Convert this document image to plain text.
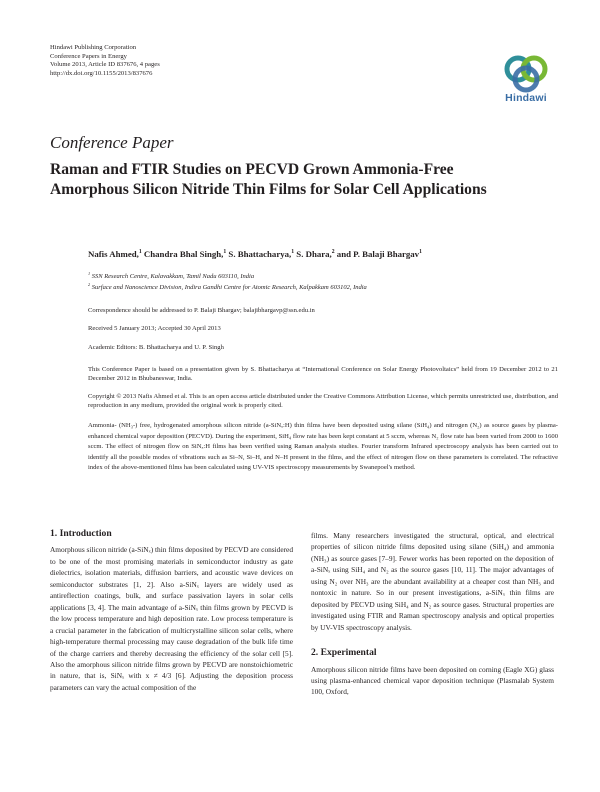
Hindawi Publishing Corporation
Conference Papers in Energy
Volume 2013, Article ID 837676, 4 pages
http://dx.doi.org/10.1155/2013/837676
Hindawi
Conference Paper
Raman and FTIR Studies on PECVD Grown Ammonia-Free Amorphous Silicon Nitride Thin Films for Solar Cell Applications
Nafis Ahmed,$^1$ Chandra Bhal Singh,$^1$ S. Bhattacharya,$^1$ S. Dhara,$^2$ and P. Balaji Bhargav$^1$
$^1$ SSN Research Centre, Kalavakkam, Tamil Nadu 603110, India
$^2$ Surface and Nanoscience Division, Indira Gandhi Centre for Atomic Research, Kalpakkam 603102, India
Correspondence should be addressed to P. Balaji Bhargav; balajibhargavp@ssn.edu.in
Received 5 January 2013; Accepted 30 April 2013
Academic Editors: B. Bhattacharya and U. P. Singh
This Conference Paper is based on a presentation given by S. Bhattacharya at “International Conference on Solar Energy Photovoltaics” held from 19 December 2012 to 21 December 2012 in Bhubaneswar, India.
Copyright © 2013 Nafis Ahmed et al. This is an open access article distributed under the Creative Commons Attribution License, which permits unrestricted use, distribution, and reproduction in any medium, provided the original work is properly cited.
Ammonia- (NH₃-) free, hydrogenated amorphous silicon nitride (a-SiNₓ:H) thin films have been deposited using silane (SiH₄) and nitrogen (N₂) as source gases by plasma-enhanced chemical vapor deposition (PECVD). During the experiment, SiH₄ flow rate has been kept constant at 5 sccm, whereas N₂ flow rate has been varied from 2000 to 1600 sccm. The effect of nitrogen flow on SiNₓ:H films has been verified using Raman analysis studies. Fourier transform Infrared spectroscopy analysis has been carried out to identify all the possible modes of vibrations such as Si–N, Si–H, and N–H present in the films, and the effect of nitrogen flow on these parameters is correlated. The refractive index of the above-mentioned films has been calculated using UV-VIS spectroscopy measurements by Swanepoel's method.
1. Introduction

Amorphous silicon nitride (a-SiNₓ) thin films deposited by PECVD are considered to be one of the most promising materials in semiconductor industry as gate dielectrics, isolation materials, diffusion barriers, and acoustic wave devices on semiconductor substrates [1, 2]. Also a-SiNₓ layers are widely used as antireflection coatings, bulk, and surface passivation layers in solar cells applications [3, 4]. The main advantage of a-SiNₓ thin films grown by PECVD is the low process temperature and high deposition rate. Low process temperature is a crucial parameter in the fabrication of multicrystalline silicon solar cells, where high-temperature thermal processing may cause degradation of the bulk life time of the charge carriers and thereby decreasing the efficiency of the solar cell [5]. Also the amorphous silicon nitride films grown by PECVD are nonstoichiometric in nature, that is, SiNₓ with x ≠ 4/3 [6]. Adjusting the deposition process parameters can vary the actual composition of the

films. Many researchers investigated the structural, optical, and electrical properties of silicon nitride films deposited using silane (SiH₄) and ammonia (NH₃) as source gases [7–9]. Fewer works has been reported on the deposition of a-SiNₓ using SiH₄ and N₂ as the source gases [10, 11]. The major advantages of using N₂ over NH₃ are the abundant availability at a cheaper cost than NH₃ and nontoxic in nature. So in our present investigations, a-SiNₓ thin films are deposited by PECVD using SiH₄ and N₂ as source gases. Structural properties are investigated using FTIR and Raman spectroscopy analysis and optical properties by UV-VIS spectroscopy analysis.

2. Experimental

Amorphous silicon nitride films have been deposited on corning (Eagle XG) glass using plasma-enhanced chemical vapor deposition technique (Plasmalab System 100, Oxford,
